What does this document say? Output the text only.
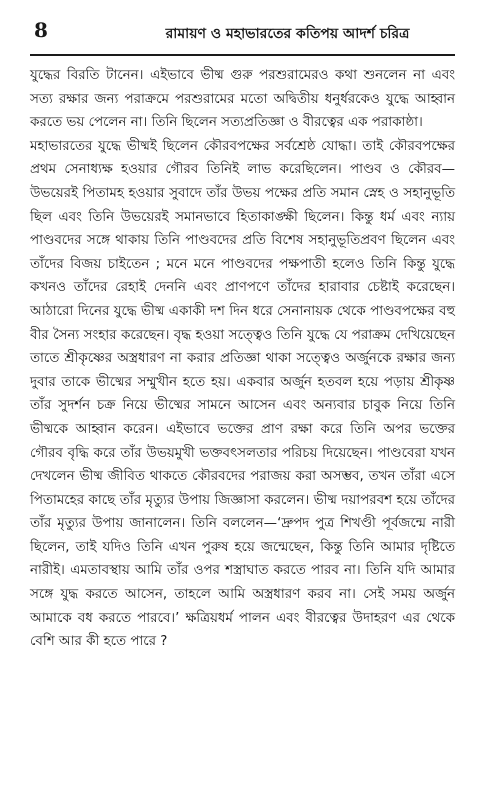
8	রামায়ণ ও মহাভারতের কতিপয় আদর্শ চরিত্র

যুদ্ধের বিরতি টানেন। এইভাবে ভীষ্ম গুরু পরশুরামেরও কথা শুনলেন না এবং সত্য রক্ষার জন্য পরাক্রমে পরশুরামের মতো অদ্বিতীয় ধনুর্ধরকেও যুদ্ধে আহ্বান করতে ভয় পেলেন না। তিনি ছিলেন সত্যপ্রতিজ্ঞা ও বীরত্বের এক পরাকাষ্ঠা।

মহাভারতের যুদ্ধে ভীষ্মই ছিলেন কৌরবপক্ষের সর্বশ্রেষ্ঠ যোদ্ধা। তাই কৌরবপক্ষের প্রথম সেনাধ্যক্ষ হওয়ার গৌরব তিনিই লাভ করেছিলেন। পাণ্ডব ও কৌরব—উভয়েরই পিতামহ হওয়ার সুবাদে তাঁর উভয় পক্ষের প্রতি সমান স্নেহ ও সহানুভূতি ছিল এবং তিনি উভয়েরই সমানভাবে হিতাকাঙ্ক্ষী ছিলেন। কিন্তু ধর্ম এবং ন্যায় পাণ্ডবদের সঙ্গে থাকায় তিনি পাণ্ডবদের প্রতি বিশেষ সহানুভূতিপ্রবণ ছিলেন এবং তাঁদের বিজয় চাইতেন ; মনে মনে পাণ্ডবদের পক্ষপাতী হলেও তিনি কিন্তু যুদ্ধে কখনও তাঁদের রেহাই দেননি এবং প্রাণপণে তাঁদের হারাবার চেষ্টাই করেছেন। আঠারো দিনের যুদ্ধে ভীষ্ম একাকী দশ দিন ধরে সেনানায়ক থেকে পাণ্ডবপক্ষের বহু বীর সৈন্য সংহার করেছেন। বৃদ্ধ হওয়া সত্ত্বেও তিনি যুদ্ধে যে পরাক্রম দেখিয়েছেন তাতে শ্রীকৃষ্ণের অস্ত্রধারণ না করার প্রতিজ্ঞা থাকা সত্ত্বেও অর্জুনকে রক্ষার জন্য দুবার তাকে ভীষ্মের সম্মুখীন হতে হয়। একবার অর্জুন হতবল হয়ে পড়ায় শ্রীকৃষ্ণ তাঁর সুদর্শন চক্র নিয়ে ভীষ্মের সামনে আসেন এবং অন্যবার চাবুক নিয়ে তিনি ভীষ্মকে আহ্বান করেন। এইভাবে ভক্তের প্রাণ রক্ষা করে তিনি অপর ভক্তের গৌরব বৃদ্ধি করে তাঁর উভয়মুখী ভক্তবৎসলতার পরিচয় দিয়েছেন। পাণ্ডবেরা যখন দেখলেন ভীষ্ম জীবিত থাকতে কৌরবদের পরাজয় করা অসম্ভব, তখন তাঁরা এসে পিতামহের কাছে তাঁর মৃত্যুর উপায় জিজ্ঞাসা করলেন। ভীষ্ম দয়াপরবশ হয়ে তাঁদের তাঁর মৃত্যুর উপায় জানালেন। তিনি বললেন—‘দ্রুপদ পুত্র শিখণ্ডী পূর্বজন্মে নারী ছিলেন, তাই যদিও তিনি এখন পুরুষ হয়ে জন্মেছেন, কিন্তু তিনি আমার দৃষ্টিতে নারীই। এমতাবস্থায় আমি তাঁর ওপর শস্ত্রাঘাত করতে পারব না। তিনি যদি আমার সঙ্গে যুদ্ধ করতে আসেন, তাহলে আমি অস্ত্রধারণ করব না। সেই সময় অর্জুন আমাকে বধ করতে পারবে।’ ক্ষত্রিয়ধর্ম পালন এবং বীরত্বের উদাহরণ এর থেকে বেশি আর কী হতে পারে ?
